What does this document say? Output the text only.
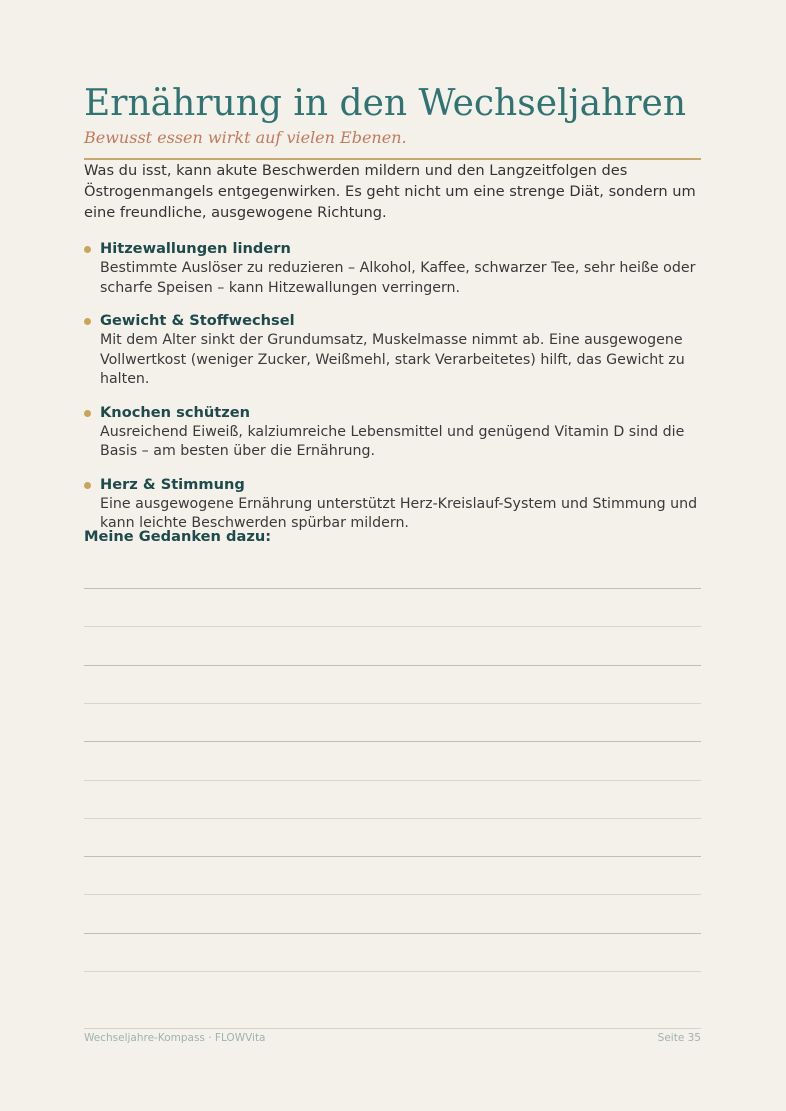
Ernährung in den Wechseljahren
Bewusst essen wirkt auf vielen Ebenen.
Was du isst, kann akute Beschwerden mildern und den Langzeitfolgen des Östrogenmangels entgegenwirken. Es geht nicht um eine strenge Diät, sondern um eine freundliche, ausgewogene Richtung.
Hitzewallungen lindern
Bestimmte Auslöser zu reduzieren – Alkohol, Kaffee, schwarzer Tee, sehr heiße oder scharfe Speisen – kann Hitzewallungen verringern.
Gewicht & Stoffwechsel
Mit dem Alter sinkt der Grundumsatz, Muskelmasse nimmt ab. Eine ausgewogene Vollwertkost (weniger Zucker, Weißmehl, stark Verarbeitetes) hilft, das Gewicht zu halten.
Knochen schützen
Ausreichend Eiweiß, kalziumreiche Lebensmittel und genügend Vitamin D sind die Basis – am besten über die Ernährung.
Herz & Stimmung
Eine ausgewogene Ernährung unterstützt Herz-Kreislauf-System und Stimmung und kann leichte Beschwerden spürbar mildern.
Meine Gedanken dazu:
Wechseljahre-Kompass · FLOWVita	Seite 35
